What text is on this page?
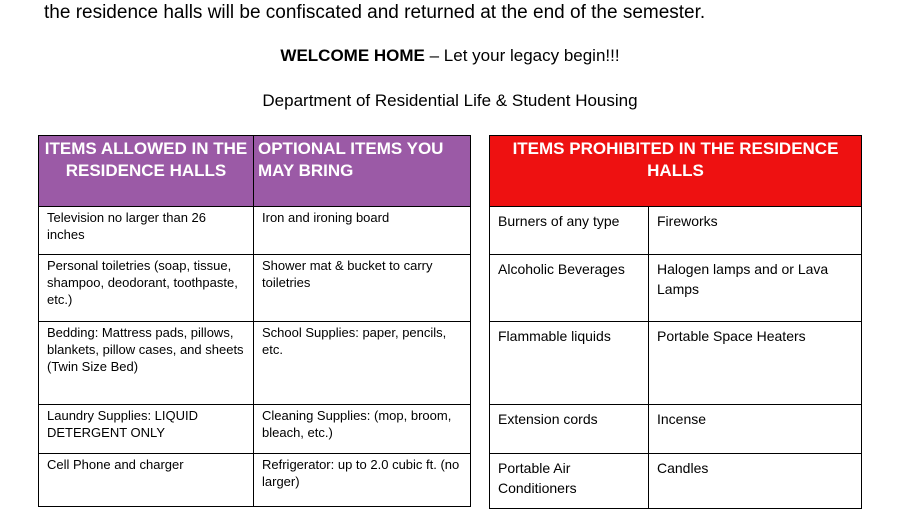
the residence halls will be confiscated and returned at the end of the semester.
WELCOME HOME – Let your legacy begin!!!
Department of Residential Life & Student Housing
ITEMS ALLOWED IN THE RESIDENCE HALLS	OPTIONAL ITEMS YOU MAY BRING
Television no larger than 26 inches	Iron and ironing board
Personal toiletries (soap, tissue, shampoo, deodorant, toothpaste, etc.)	Shower mat & bucket to carry toiletries
Bedding: Mattress pads, pillows, blankets, pillow cases, and sheets (Twin Size Bed)	School Supplies: paper, pencils, etc.
Laundry Supplies: LIQUID DETERGENT ONLY	Cleaning Supplies: (mop, broom, bleach, etc.)
Cell Phone and charger	Refrigerator: up to 2.0 cubic ft. (no larger)
ITEMS PROHIBITED IN THE RESIDENCE HALLS	
Burners of any type	Fireworks
Alcoholic Beverages	Halogen lamps and or Lava Lamps
Flammable liquids	Portable Space Heaters
Extension cords	Incense
Portable Air Conditioners	Candles
